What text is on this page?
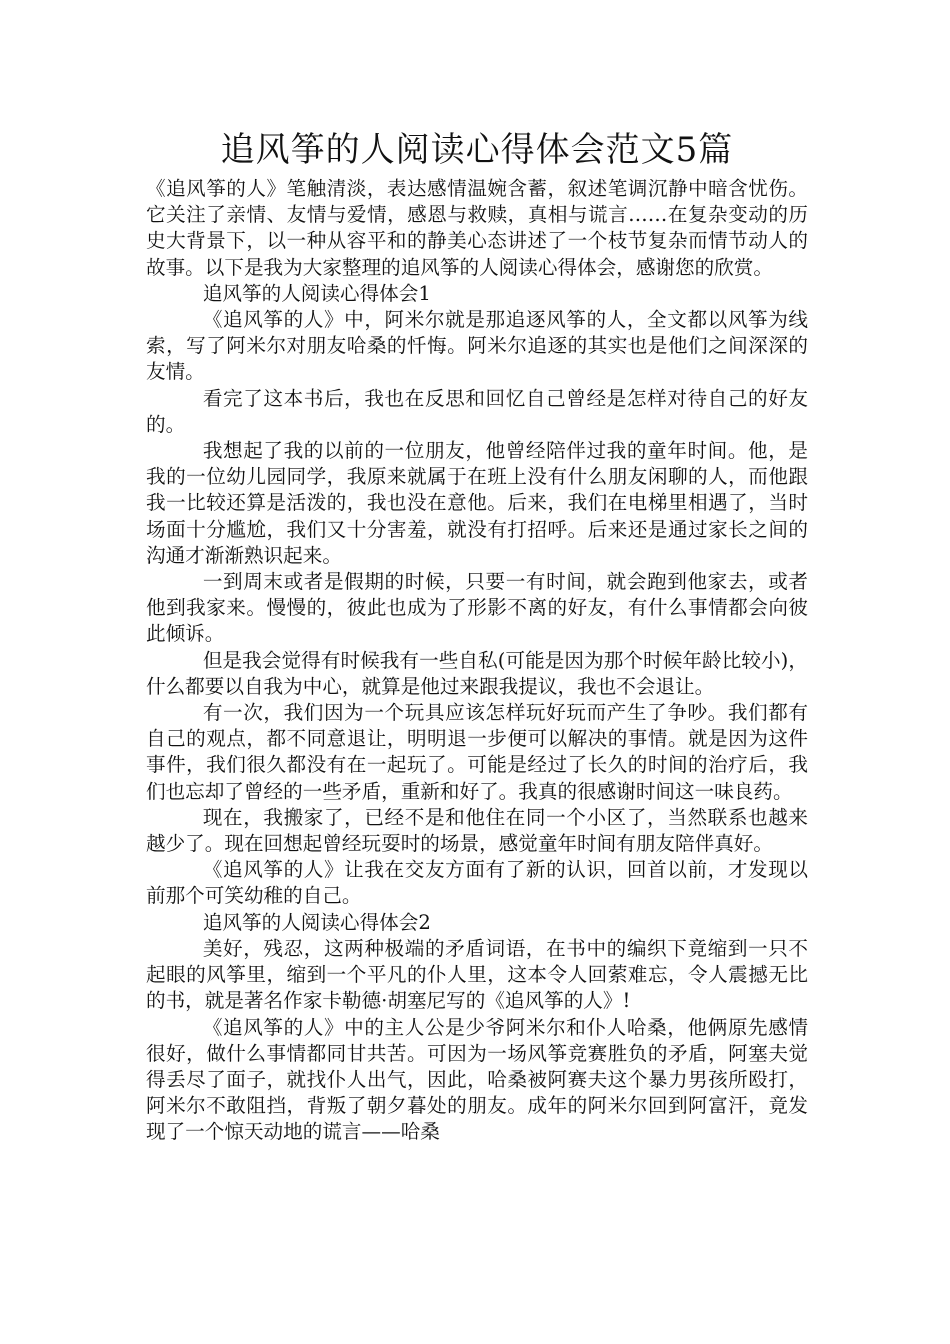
追风筝的人阅读心得体会范文5篇

《追风筝的人》笔触清淡，表达感情温婉含蓄，叙述笔调沉静中暗含忧伤。它关注了亲情、友情与爱情，感恩与救赎，真相与谎言……在复杂变动的历史大背景下，以一种从容平和的静美心态讲述了一个枝节复杂而情节动人的故事。以下是我为大家整理的追风筝的人阅读心得体会，感谢您的欣赏。

追风筝的人阅读心得体会1

《追风筝的人》中，阿米尔就是那追逐风筝的人，全文都以风筝为线索，写了阿米尔对朋友哈桑的忏悔。阿米尔追逐的其实也是他们之间深深的友情。

看完了这本书后，我也在反思和回忆自己曾经是怎样对待自己的好友的。

我想起了我的以前的一位朋友，他曾经陪伴过我的童年时间。他，是我的一位幼儿园同学，我原来就属于在班上没有什么朋友闲聊的人，而他跟我一比较还算是活泼的，我也没在意他。后来，我们在电梯里相遇了，当时场面十分尴尬，我们又十分害羞，就没有打招呼。后来还是通过家长之间的沟通才渐渐熟识起来。

一到周末或者是假期的时候，只要一有时间，就会跑到他家去，或者他到我家来。慢慢的，彼此也成为了形影不离的好友，有什么事情都会向彼此倾诉。

但是我会觉得有时候我有一些自私(可能是因为那个时候年龄比较小)，什么都要以自我为中心，就算是他过来跟我提议，我也不会退让。

有一次，我们因为一个玩具应该怎样玩好玩而产生了争吵。我们都有自己的观点，都不同意退让，明明退一步便可以解决的事情。就是因为这件事件，我们很久都没有在一起玩了。可能是经过了长久的时间的治疗后，我们也忘却了曾经的一些矛盾，重新和好了。我真的很感谢时间这一味良药。

现在，我搬家了，已经不是和他住在同一个小区了，当然联系也越来越少了。现在回想起曾经玩耍时的场景，感觉童年时间有朋友陪伴真好。

《追风筝的人》让我在交友方面有了新的认识，回首以前，才发现以前那个可笑幼稚的自己。

追风筝的人阅读心得体会2

美好，残忍，这两种极端的矛盾词语，在书中的编织下竟缩到一只不起眼的风筝里，缩到一个平凡的仆人里，这本令人回萦难忘，令人震撼无比的书，就是著名作家卡勒德·胡塞尼写的《追风筝的人》!

《追风筝的人》中的主人公是少爷阿米尔和仆人哈桑，他俩原先感情很好，做什么事情都同甘共苦。可因为一场风筝竞赛胜负的矛盾，阿塞夫觉得丢尽了面子，就找仆人出气，因此，哈桑被阿赛夫这个暴力男孩所殴打，阿米尔不敢阻挡，背叛了朝夕暮处的朋友。成年的阿米尔回到阿富汗，竟发现了一个惊天动地的谎言——哈桑
